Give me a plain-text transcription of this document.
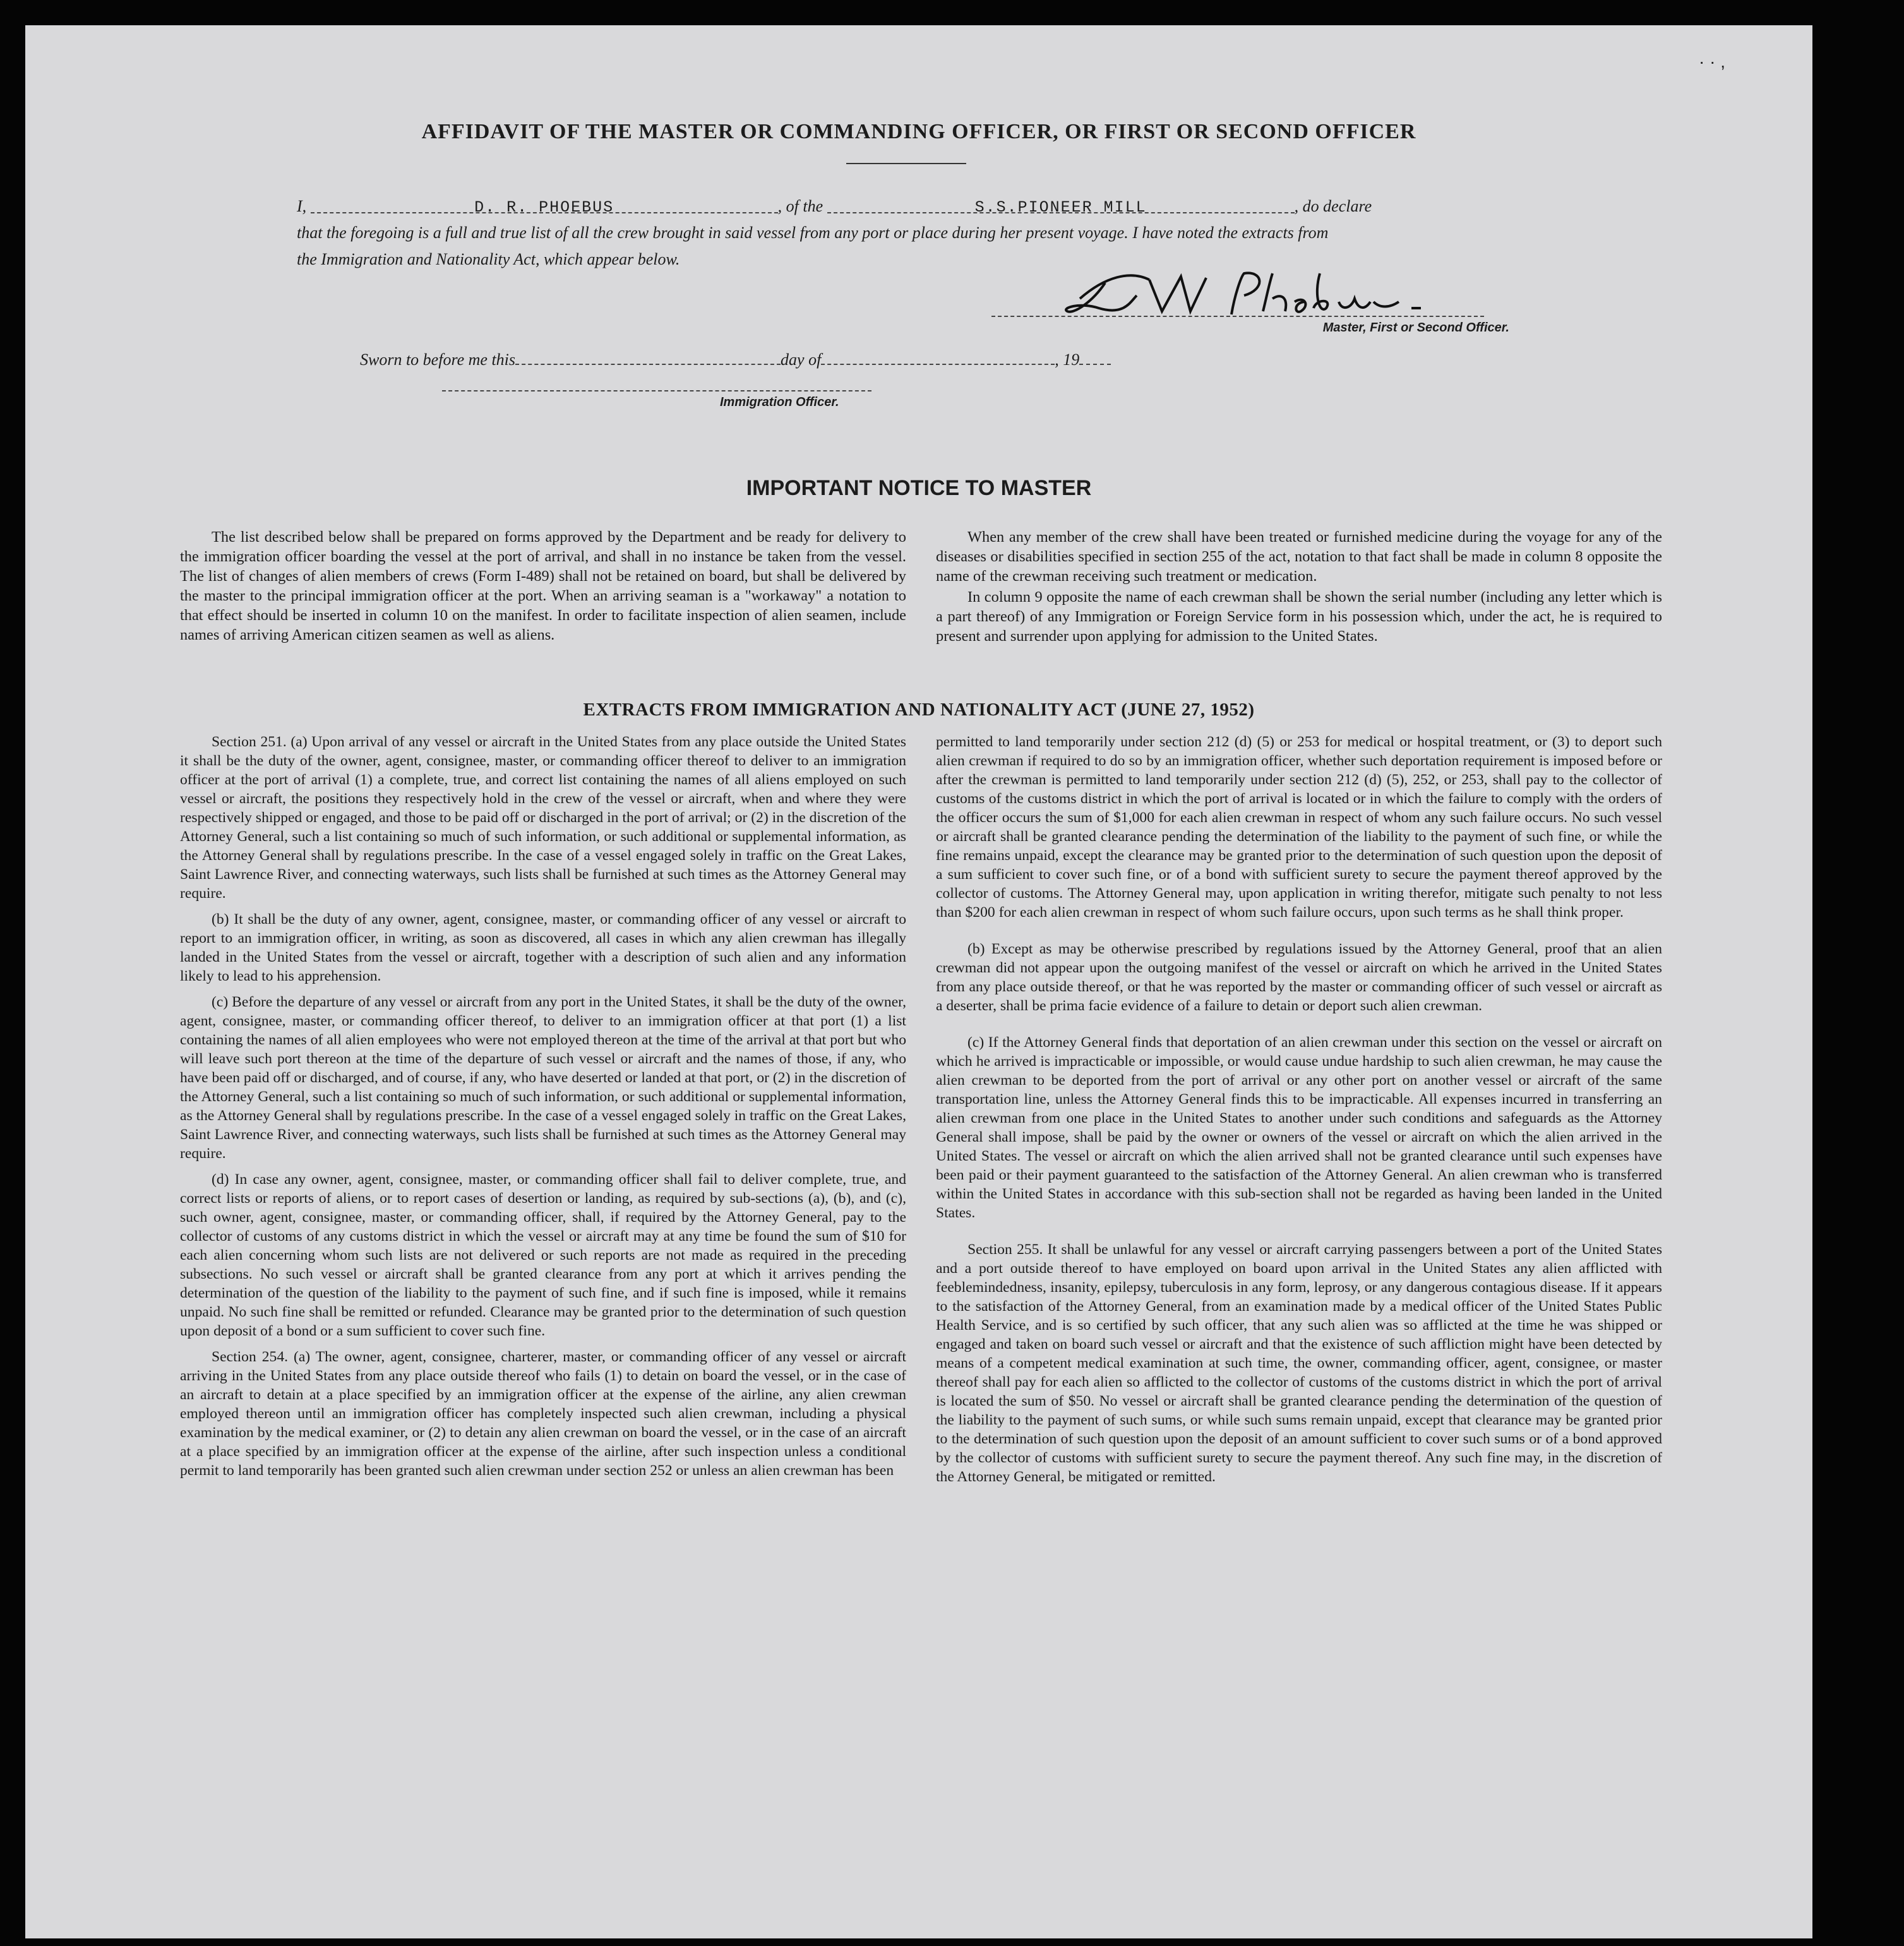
· · ,
AFFIDAVIT OF THE MASTER OR COMMANDING OFFICER, OR FIRST OR SECOND OFFICER
I,	D. R. PHOEBUS	, of the	S.S.PIONEER MILL	, do declare
that the foregoing is a full and true list of all the crew brought in said vessel from any port or place during her present voyage. I have noted the extracts from
the Immigration and Nationality Act, which appear below.
Master, First or Second Officer.
Sworn to before me this	day of	, 19
Immigration Officer.
IMPORTANT NOTICE TO MASTER

The list described below shall be prepared on forms approved by the Department and be ready for delivery to the immigration officer boarding the vessel at the port of arrival, and shall in no instance be taken from the vessel. The list of changes of alien members of crews (Form I-489) shall not be retained on board, but shall be delivered by the master to the principal immigration officer at the port. When an arriving seaman is a "workaway" a notation to that effect should be inserted in column 10 on the manifest. In order to facilitate inspection of alien seamen, include names of arriving American citizen seamen as well as aliens.

When any member of the crew shall have been treated or furnished medicine during the voyage for any of the diseases or disabilities specified in section 255 of the act, notation to that fact shall be made in column 8 opposite the name of the crewman receiving such treatment or medication.

In column 9 opposite the name of each crewman shall be shown the serial number (including any letter which is a part thereof) of any Immigration or Foreign Service form in his possession which, under the act, he is required to present and surrender upon applying for admission to the United States.

EXTRACTS FROM IMMIGRATION AND NATIONALITY ACT (JUNE 27, 1952)

Section 251. (a) Upon arrival of any vessel or aircraft in the United States from any place outside the United States it shall be the duty of the owner, agent, consignee, master, or commanding officer thereof to deliver to an immigration officer at the port of arrival (1) a complete, true, and correct list containing the names of all aliens employed on such vessel or aircraft, the positions they respectively hold in the crew of the vessel or aircraft, when and where they were respectively shipped or engaged, and those to be paid off or discharged in the port of arrival; or (2) in the discretion of the Attorney General, such a list containing so much of such information, or such additional or supplemental information, as the Attorney General shall by regulations prescribe. In the case of a vessel engaged solely in traffic on the Great Lakes, Saint Lawrence River, and connecting waterways, such lists shall be furnished at such times as the Attorney General may require.

(b) It shall be the duty of any owner, agent, consignee, master, or commanding officer of any vessel or aircraft to report to an immigration officer, in writing, as soon as discovered, all cases in which any alien crewman has illegally landed in the United States from the vessel or aircraft, together with a description of such alien and any information likely to lead to his apprehension.

(c) Before the departure of any vessel or aircraft from any port in the United States, it shall be the duty of the owner, agent, consignee, master, or commanding officer thereof, to deliver to an immigration officer at that port (1) a list containing the names of all alien employees who were not employed thereon at the time of the arrival at that port but who will leave such port thereon at the time of the departure of such vessel or aircraft and the names of those, if any, who have been paid off or discharged, and of course, if any, who have deserted or landed at that port, or (2) in the discretion of the Attorney General, such a list containing so much of such information, or such additional or supplemental information, as the Attorney General shall by regulations prescribe. In the case of a vessel engaged solely in traffic on the Great Lakes, Saint Lawrence River, and connecting waterways, such lists shall be furnished at such times as the Attorney General may require.

(d) In case any owner, agent, consignee, master, or commanding officer shall fail to deliver complete, true, and correct lists or reports of aliens, or to report cases of desertion or landing, as required by sub-sections (a), (b), and (c), such owner, agent, consignee, master, or commanding officer, shall, if required by the Attorney General, pay to the collector of customs of any customs district in which the vessel or aircraft may at any time be found the sum of $10 for each alien concerning whom such lists are not delivered or such reports are not made as required in the preceding subsections. No such vessel or aircraft shall be granted clearance from any port at which it arrives pending the determination of the question of the liability to the payment of such fine, and if such fine is imposed, while it remains unpaid. No such fine shall be remitted or refunded. Clearance may be granted prior to the determination of such question upon deposit of a bond or a sum sufficient to cover such fine.

Section 254. (a) The owner, agent, consignee, charterer, master, or commanding officer of any vessel or aircraft arriving in the United States from any place outside thereof who fails (1) to detain on board the vessel, or in the case of an aircraft to detain at a place specified by an immigration officer at the expense of the airline, any alien crewman employed thereon until an immigration officer has completely inspected such alien crewman, including a physical examination by the medical examiner, or (2) to detain any alien crewman on board the vessel, or in the case of an aircraft at a place specified by an immigration officer at the expense of the airline, after such inspection unless a conditional permit to land temporarily has been granted such alien crewman under section 252 or unless an alien crewman has been

permitted to land temporarily under section 212 (d) (5) or 253 for medical or hospital treatment, or (3) to deport such alien crewman if required to do so by an immigration officer, whether such deportation requirement is imposed before or after the crewman is permitted to land temporarily under section 212 (d) (5), 252, or 253, shall pay to the collector of customs of the customs district in which the port of arrival is located or in which the failure to comply with the orders of the officer occurs the sum of $1,000 for each alien crewman in respect of whom any such failure occurs. No such vessel or aircraft shall be granted clearance pending the determination of the liability to the payment of such fine, or while the fine remains unpaid, except the clearance may be granted prior to the determination of such question upon the deposit of a sum sufficient to cover such fine, or of a bond with sufficient surety to secure the payment thereof approved by the collector of customs. The Attorney General may, upon application in writing therefor, mitigate such penalty to not less than $200 for each alien crewman in respect of whom such failure occurs, upon such terms as he shall think proper.

(b) Except as may be otherwise prescribed by regulations issued by the Attorney General, proof that an alien crewman did not appear upon the outgoing manifest of the vessel or aircraft on which he arrived in the United States from any place outside thereof, or that he was reported by the master or commanding officer of such vessel or aircraft as a deserter, shall be prima facie evidence of a failure to detain or deport such alien crewman.

(c) If the Attorney General finds that deportation of an alien crewman under this section on the vessel or aircraft on which he arrived is impracticable or impossible, or would cause undue hardship to such alien crewman, he may cause the alien crewman to be deported from the port of arrival or any other port on another vessel or aircraft of the same transportation line, unless the Attorney General finds this to be impracticable. All expenses incurred in transferring an alien crewman from one place in the United States to another under such conditions and safeguards as the Attorney General shall impose, shall be paid by the owner or owners of the vessel or aircraft on which the alien arrived in the United States. The vessel or aircraft on which the alien arrived shall not be granted clearance until such expenses have been paid or their payment guaranteed to the satisfaction of the Attorney General. An alien crewman who is transferred within the United States in accordance with this sub-section shall not be regarded as having been landed in the United States.

Section 255. It shall be unlawful for any vessel or aircraft carrying passengers between a port of the United States and a port outside thereof to have employed on board upon arrival in the United States any alien afflicted with feeblemindedness, insanity, epilepsy, tuberculosis in any form, leprosy, or any dangerous contagious disease. If it appears to the satisfaction of the Attorney General, from an examination made by a medical officer of the United States Public Health Service, and is so certified by such officer, that any such alien was so afflicted at the time he was shipped or engaged and taken on board such vessel or aircraft and that the existence of such affliction might have been detected by means of a competent medical examination at such time, the owner, commanding officer, agent, consignee, or master thereof shall pay for each alien so afflicted to the collector of customs of the customs district in which the port of arrival is located the sum of $50. No vessel or aircraft shall be granted clearance pending the determination of the question of the liability to the payment of such sums, or while such sums remain unpaid, except that clearance may be granted prior to the determination of such question upon the deposit of an amount sufficient to cover such sums or of a bond approved by the collector of customs with sufficient surety to secure the payment thereof. Any such fine may, in the discretion of the Attorney General, be mitigated or remitted.
